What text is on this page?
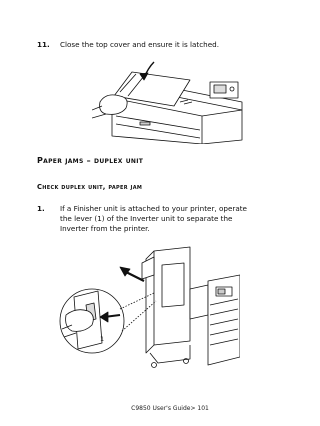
11. Close the top cover and ensure it is latched.
Paper jams – duplex unit
Check duplex unit, paper jam
1. If a Finisher unit is attached to your printer, operate the lever (1) of the Inverter unit to separate the Inverter from the printer.
1
C9850 User's Guide> 101
